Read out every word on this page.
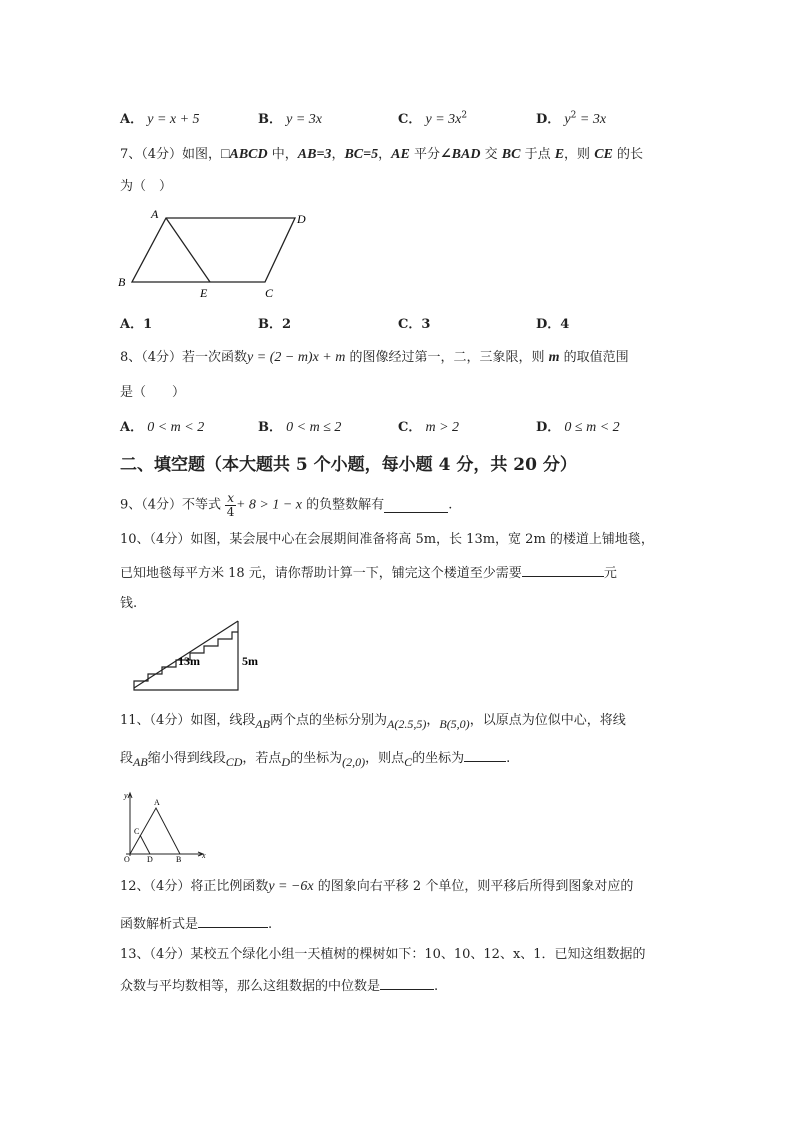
A． y = x + 5	B． y = 3x	C． $y = 3x^2$	D． $y^2 = 3x$
7、（4分）如图，□ABCD 中，AB=3，BC=5，AE 平分∠BAD 交 BC 于点 E，则 CE 的长
为（　）
A	D
B
E	C
A．1	B．2	C．3	D．4
8、（4分）若一次函数y = (2 − m)x + m 的图像经过第一，二，三象限，则 m 的取值范围
是（　　）
A． 0 < m < 2	B． 0 < m ≤ 2	C． m > 2	D． 0 ≤ m < 2
二、填空题（本大题共 5 个小题，每小题 4 分，共 20 分）
9、（4分）不等式 $\frac{x}{4} + 8 > 1 - x$ 的负整数解有	.
10、（4分）如图，某会展中心在会展期间准备将高 5m，长 13m，宽 2m 的楼道上铺地毯，
已知地毯每平方米 18 元，请你帮助计算一下，铺完这个楼道至少需要	元
钱.
13m	5m
11、（4分）如图，线段AB两个点的坐标分别为A(2.5,5)，B(5,0)，以原点为位似中心，将线
段AB缩小得到线段CD，若点D的坐标为(2,0)，则点C的坐标为	.
y
x
A
C
O D	B
12、（4分）将正比例函数y = −6x 的图象向右平移 2 个单位，则平移后所得到图象对应的
函数解析式是	.
13、（4分）某校五个绿化小组一天植树的棵树如下：10、10、12、x、1．已知这组数据的
众数与平均数相等，那么这组数据的中位数是	.
